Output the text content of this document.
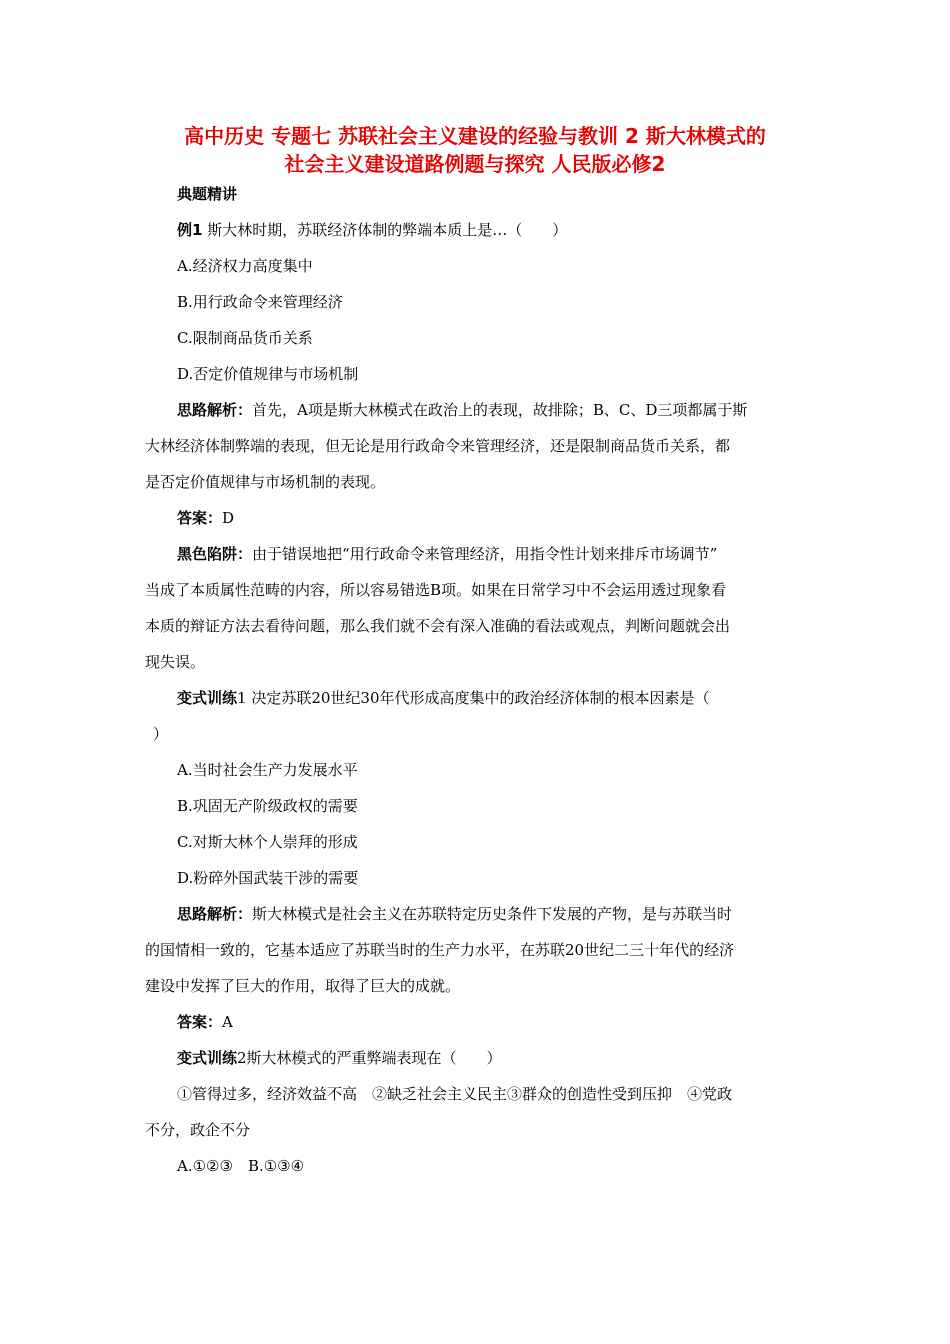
高中历史 专题七 苏联社会主义建设的经验与教训 2 斯大林模式的
社会主义建设道路例题与探究 人民版必修2

典题精讲

例1 斯大林时期，苏联经济体制的弊端本质上是…（　　）

A.经济权力高度集中

B.用行政命令来管理经济

C.限制商品货币关系

D.否定价值规律与市场机制

思路解析：首先，A项是斯大林模式在政治上的表现，故排除；B、C、D三项都属于斯

大林经济体制弊端的表现，但无论是用行政命令来管理经济，还是限制商品货币关系，都

是否定价值规律与市场机制的表现。

答案：D

黑色陷阱：由于错误地把“用行政命令来管理经济，用指令性计划来排斥市场调节”

当成了本质属性范畴的内容，所以容易错选B项。如果在日常学习中不会运用透过现象看

本质的辩证方法去看待问题，那么我们就不会有深入准确的看法或观点，判断问题就会出

现失误。

变式训练1 决定苏联20世纪30年代形成高度集中的政治经济体制的根本因素是（

）

A.当时社会生产力发展水平

B.巩固无产阶级政权的需要

C.对斯大林个人崇拜的形成

D.粉碎外国武装干涉的需要

思路解析：斯大林模式是社会主义在苏联特定历史条件下发展的产物，是与苏联当时

的国情相一致的，它基本适应了苏联当时的生产力水平，在苏联20世纪二三十年代的经济

建设中发挥了巨大的作用，取得了巨大的成就。

答案：A

变式训练2斯大林模式的严重弊端表现在（　　）

①管得过多，经济效益不高　②缺乏社会主义民主③群众的创造性受到压抑　④党政

不分，政企不分

A.①②③　B.①③④
